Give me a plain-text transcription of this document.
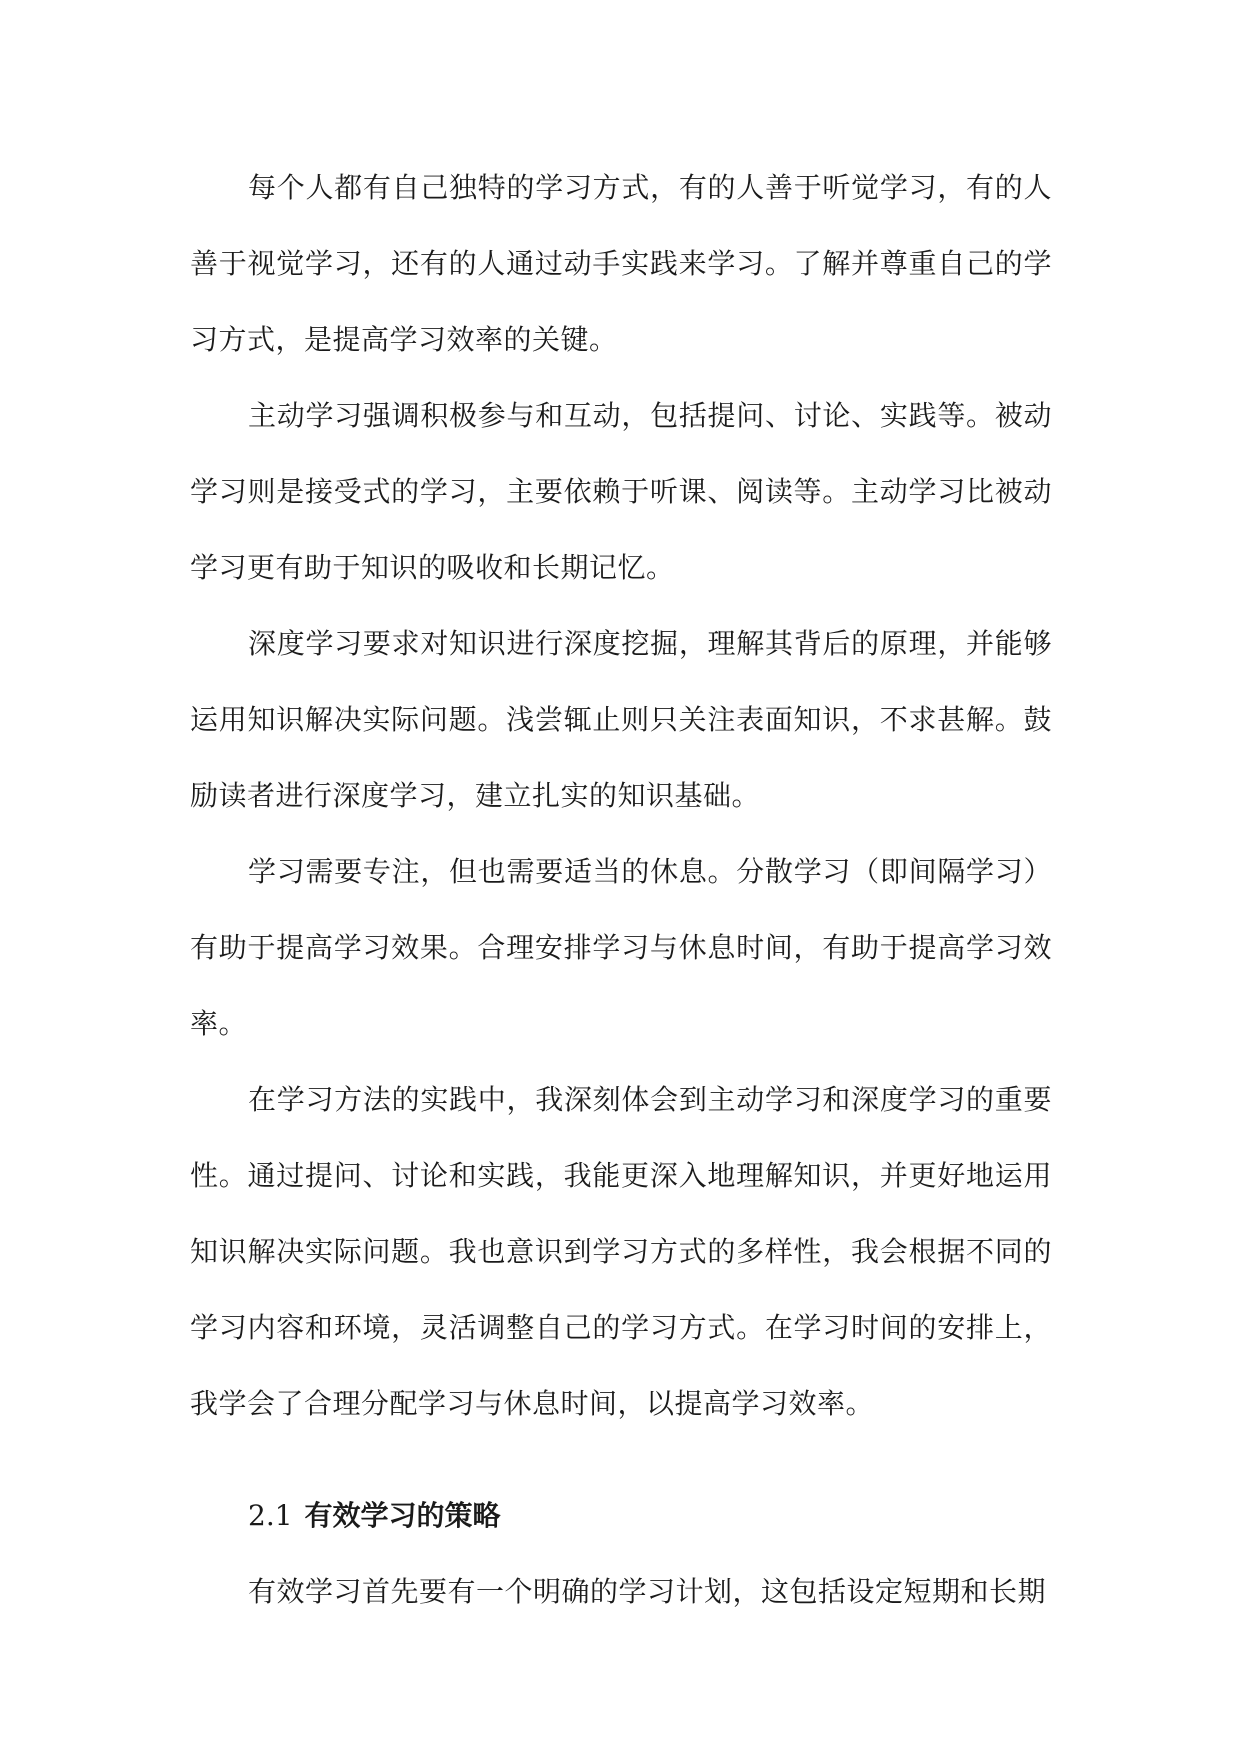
每个人都有自己独特的学习方式，有的人善于听觉学习，有的人善于视觉学习，还有的人通过动手实践来学习。了解并尊重自己的学习方式，是提高学习效率的关键。

主动学习强调积极参与和互动，包括提问、讨论、实践等。被动学习则是接受式的学习，主要依赖于听课、阅读等。主动学习比被动学习更有助于知识的吸收和长期记忆。

深度学习要求对知识进行深度挖掘，理解其背后的原理，并能够运用知识解决实际问题。浅尝辄止则只关注表面知识，不求甚解。鼓励读者进行深度学习，建立扎实的知识基础。

学习需要专注，但也需要适当的休息。分散学习（即间隔学习）有助于提高学习效果。合理安排学习与休息时间，有助于提高学习效率。

在学习方法的实践中，我深刻体会到主动学习和深度学习的重要性。通过提问、讨论和实践，我能更深入地理解知识，并更好地运用知识解决实际问题。我也意识到学习方式的多样性，我会根据不同的学习内容和环境，灵活调整自己的学习方式。在学习时间的安排上，我学会了合理分配学习与休息时间，以提高学习效率。

2.1 有效学习的策略

有效学习首先要有一个明确的学习计划，这包括设定短期和长期
